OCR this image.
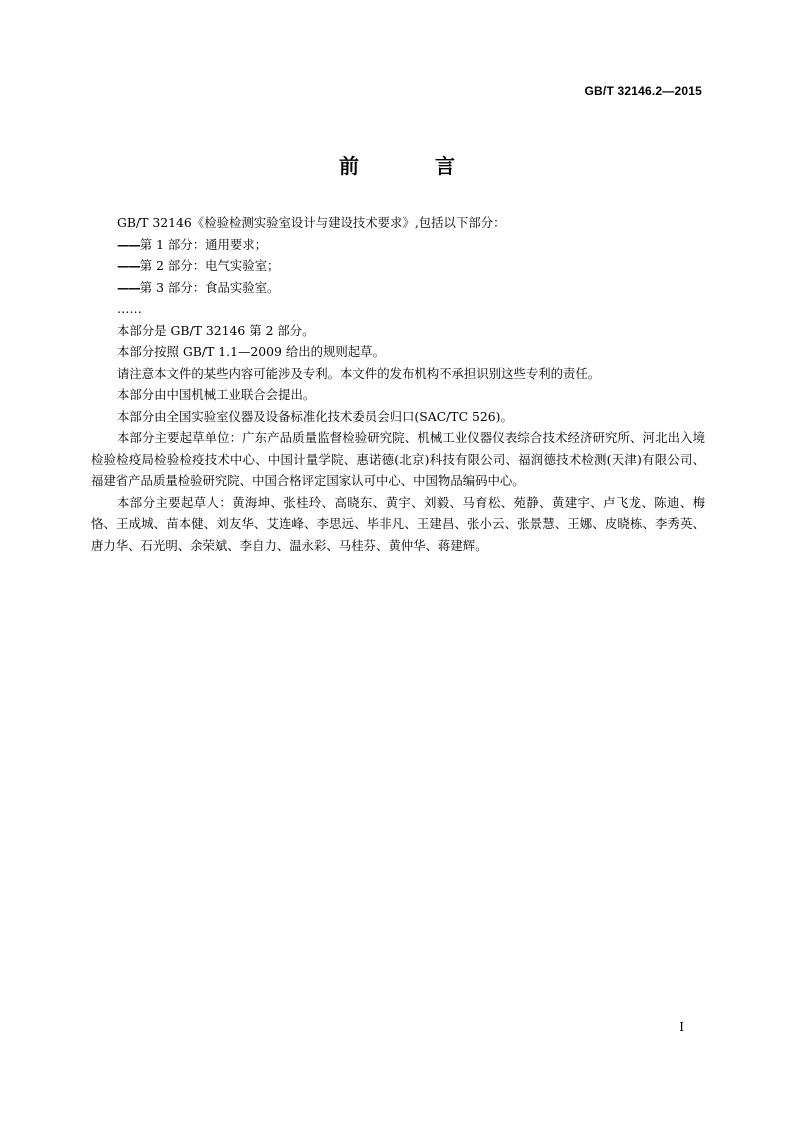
GB/T 32146.2—2015
前　言

GB/T 32146《检验检测实验室设计与建设技术要求》,包括以下部分：

——第 1 部分：通用要求；

——第 2 部分：电气实验室；

——第 3 部分：食品实验室。

……

本部分是 GB/T 32146 第 2 部分。

本部分按照 GB/T 1.1—2009 给出的规则起草。

请注意本文件的某些内容可能涉及专利。本文件的发布机构不承担识别这些专利的责任。

本部分由中国机械工业联合会提出。

本部分由全国实验室仪器及设备标准化技术委员会归口(SAC/TC 526)。

本部分主要起草单位：广东产品质量监督检验研究院、机械工业仪器仪表综合技术经济研究所、河北出入境检验检疫局检验检疫技术中心、中国计量学院、惠诺德(北京)科技有限公司、福润德技术检测(天津)有限公司、福建省产品质量检验研究院、中国合格评定国家认可中心、中国物品编码中心。

本部分主要起草人：黄海坤、张桂玲、高晓东、黄宇、刘毅、马育松、苑静、黄建宇、卢飞龙、陈迪、梅恪、王成城、苗本健、刘友华、艾连峰、李思远、毕非凡、王建昌、张小云、张景慧、王娜、皮晓栋、李秀英、唐力华、石光明、余荣斌、李自力、温永彩、马桂芬、黄仲华、蒋建辉。

I
